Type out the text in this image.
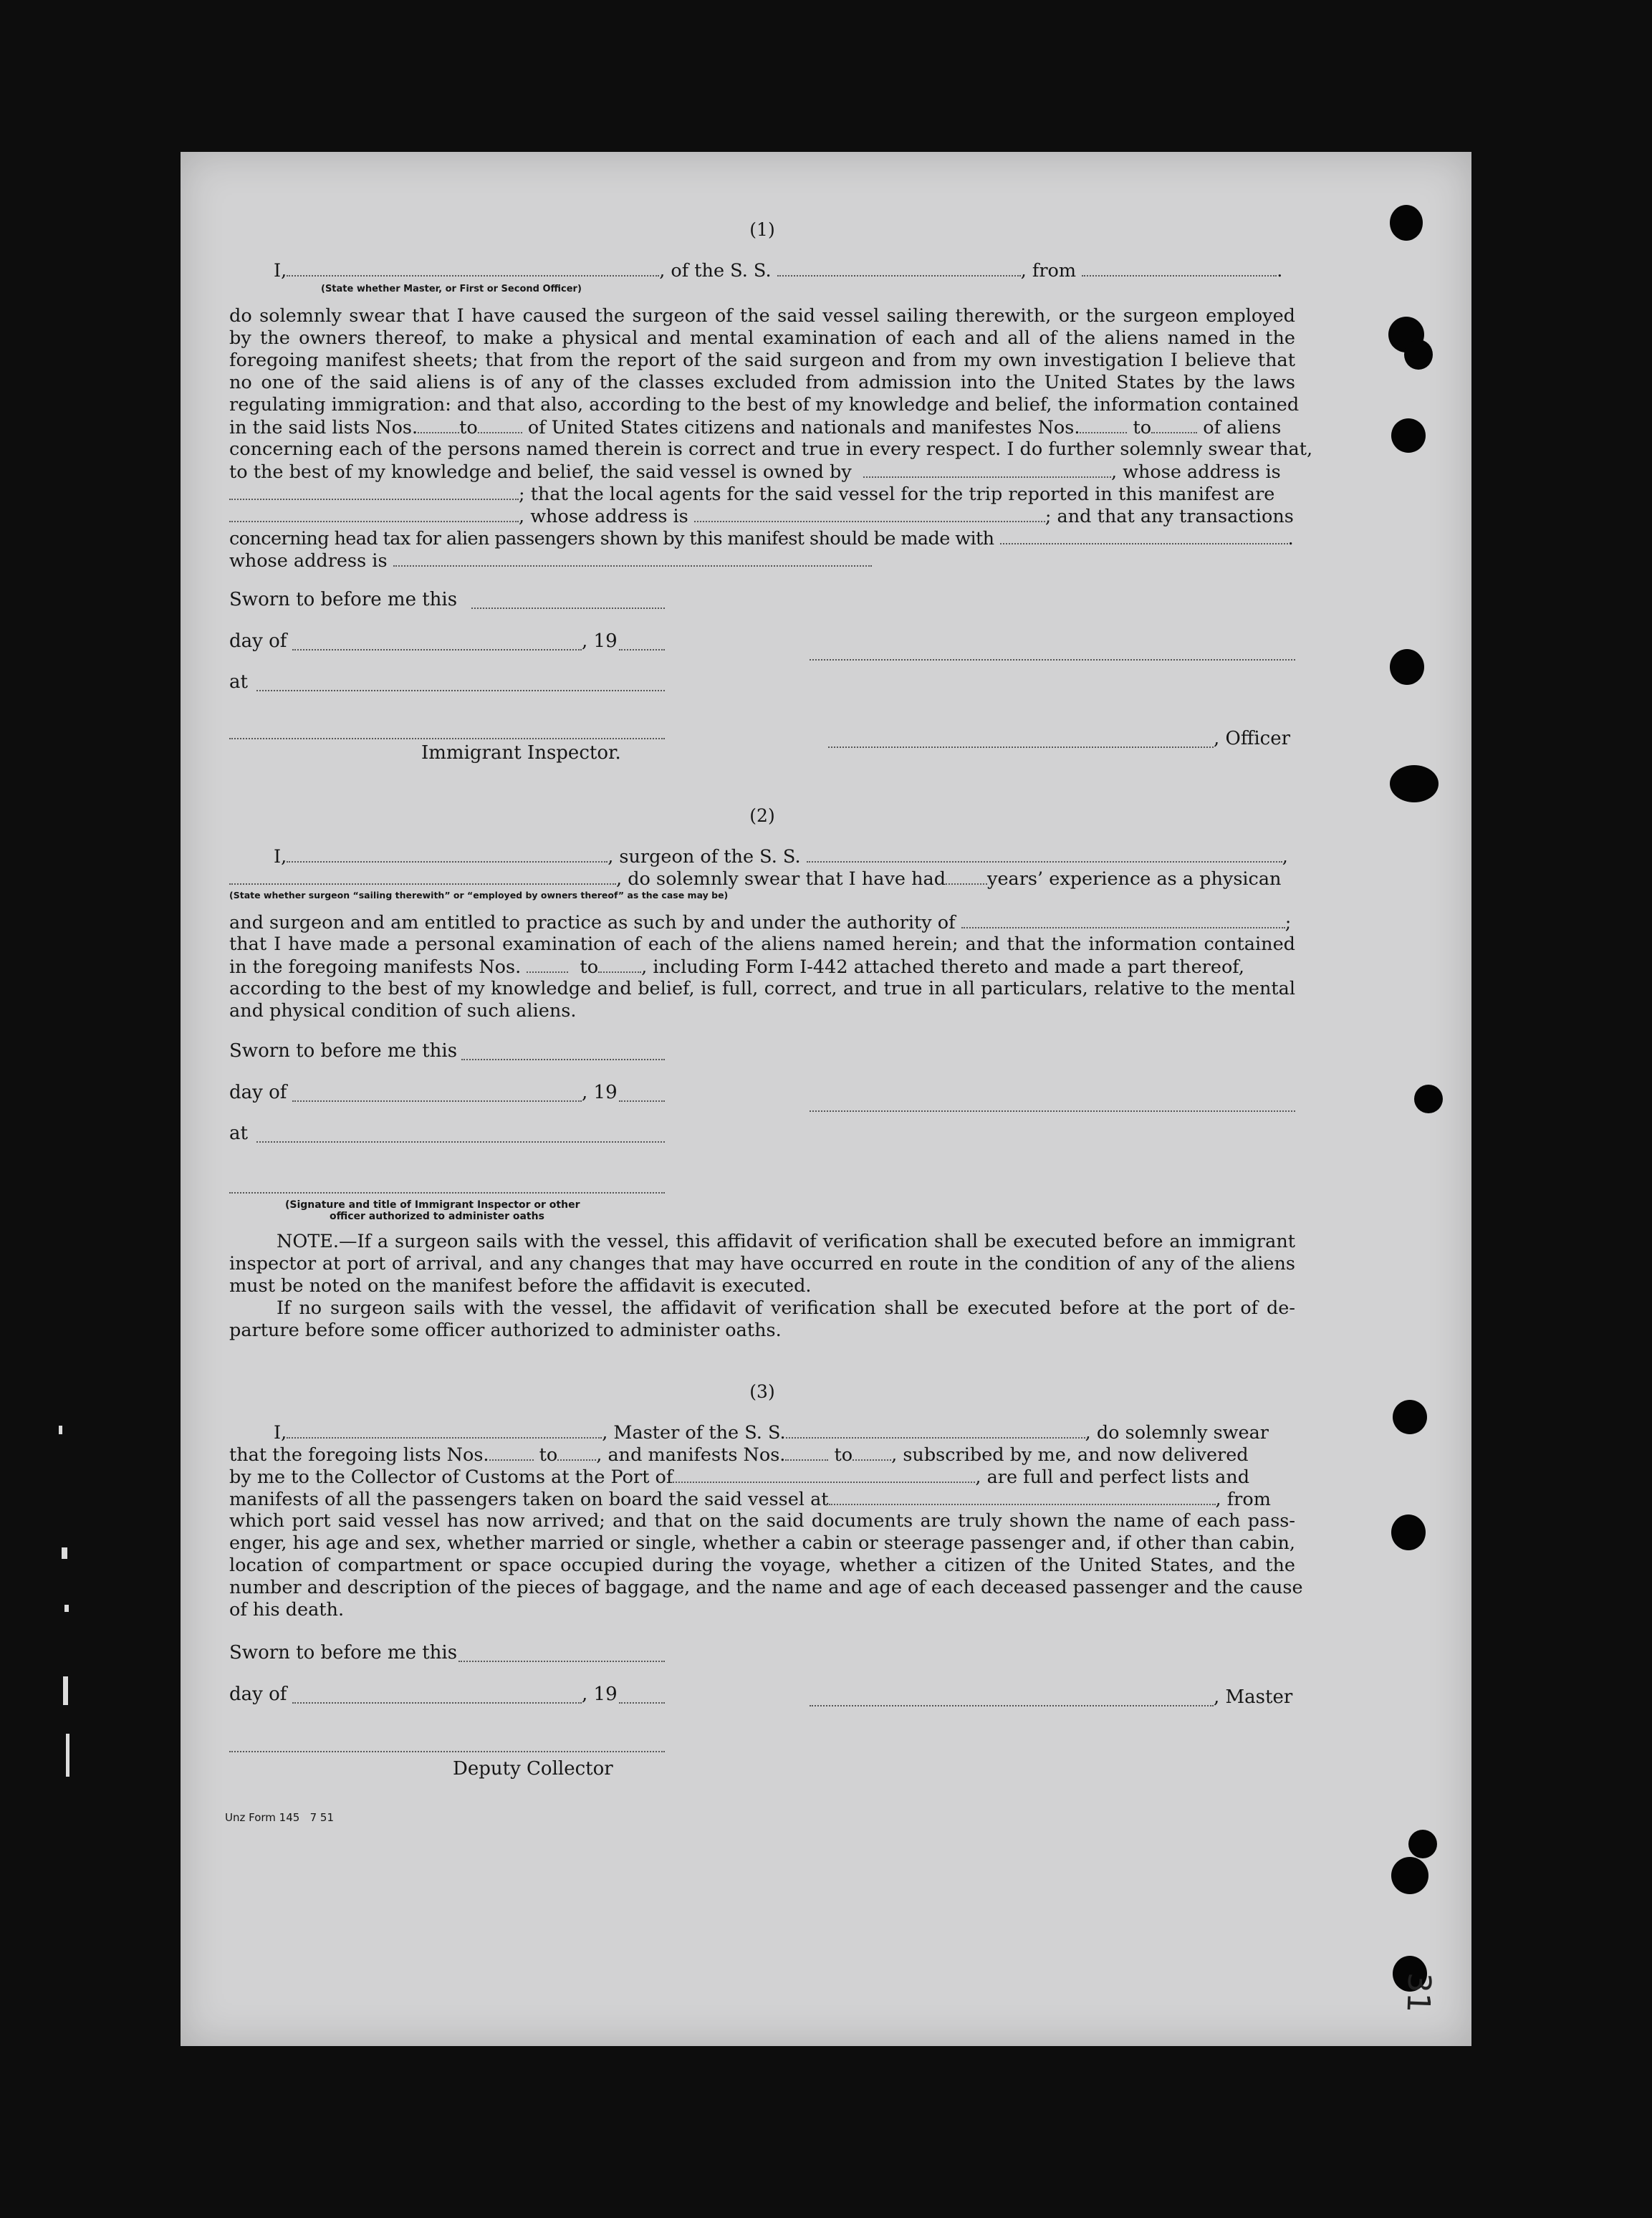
31
(1)
I,	, of the S. S.	, from	.
(State whether Master, or First or Second Officer)
do solemnly swear that I have caused the surgeon of the said vessel sailing therewith, or the surgeon employed
by the owners thereof, to make a physical and mental examination of each and all of the aliens named in the
foregoing manifest sheets; that from the report of the said surgeon and from my own investigation I believe that
no one of the said aliens is of any of the classes excluded from admission into the United States by the laws
regulating immigration: and that also, according to the best of my knowledge and belief, the information contained
in the said lists Nos. to	of United States citizens and nationals and manifestes Nos.	to	of aliens
concerning each of the persons named therein is correct and true in every respect. I do further solemnly swear that,
to the best of my knowledge and belief, the said vessel is owned by	, whose address is
; that the local agents for the said vessel for the trip reported in this manifest are
, whose address is	; and that any transactions
concerning head tax for alien passengers shown by this manifest should be made with	.
whose address is
Sworn to before me this
day of	, 19
at
, Officer
Immigrant Inspector.
(2)
I,	, surgeon of the S. S.	,
, do solemnly swear that I have had years’ experience as a physican
(State whether surgeon “sailing therewith” or “employed by owners thereof” as the case may be)
and surgeon and am entitled to practice as such by and under the authority of	;
that I have made a personal examination of each of the aliens named herein; and that the information contained
in the foregoing manifests Nos.	to , including Form I-442 attached thereto and made a part thereof,
according to the best of my knowledge and belief, is full, correct, and true in all particulars, relative to the mental
and physical condition of such aliens.
Sworn to before me this
day of	, 19
at
(Signature and title of Immigrant Inspector or other
officer authorized to administer oaths
NOTE.—If a surgeon sails with the vessel, this affidavit of verification shall be executed before an immigrant
inspector at port of arrival, and any changes that may have occurred en route in the condition of any of the aliens
must be noted on the manifest before the affidavit is executed.
If no surgeon sails with the vessel, the affidavit of verification shall be executed before at the port of de-
parture before some officer authorized to administer oaths.
(3)
I,	, Master of the S. S.	, do solemnly swear
that the foregoing lists Nos.	to , and manifests Nos.	to , subscribed by me, and now delivered
by me to the Collector of Customs at the Port of	, are full and perfect lists and
manifests of all the passengers taken on board the said vessel at	, from
which port said vessel has now arrived; and that on the said documents are truly shown the name of each pass-
enger, his age and sex, whether married or single, whether a cabin or steerage passenger and, if other than cabin,
location of compartment or space occupied during the voyage, whether a citizen of the United States, and the
number and description of the pieces of baggage, and the name and age of each deceased passenger and the cause
of his death.
Sworn to before me this
day of	, 19	, Master
Deputy Collector
Unz Form 145   7 51
